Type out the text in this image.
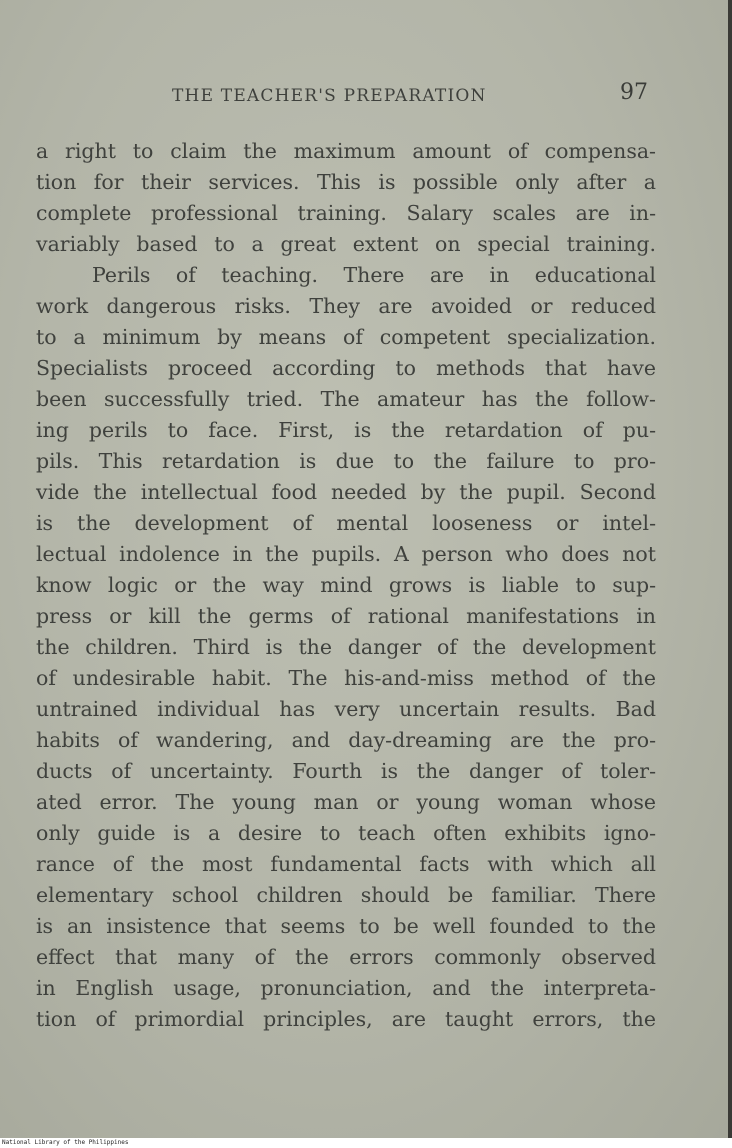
THE TEACHER'S PREPARATION	97
a right to claim the maximum amount of compensa-
tion for their services. This is possible only after a
complete professional training. Salary scales are in-
variably based to a great extent on special training.
Perils of teaching. There are in educational
work dangerous risks. They are avoided or reduced
to a minimum by means of competent specialization.
Specialists proceed according to methods that have
been successfully tried. The amateur has the follow-
ing perils to face. First, is the retardation of pu-
pils. This retardation is due to the failure to pro-
vide the intellectual food needed by the pupil. Second
is the development of mental looseness or intel-
lectual indolence in the pupils. A person who does not
know logic or the way mind grows is liable to sup-
press or kill the germs of rational manifestations in
the children. Third is the danger of the development
of undesirable habit. The his-and-miss method of the
untrained individual has very uncertain results. Bad
habits of wandering, and day-dreaming are the pro-
ducts of uncertainty. Fourth is the danger of toler-
ated error. The young man or young woman whose
only guide is a desire to teach often exhibits igno-
rance of the most fundamental facts with which all
elementary school children should be familiar. There
is an insistence that seems to be well founded to the
effect that many of the errors commonly observed
in English usage, pronunciation, and the interpreta-
tion of primordial principles, are taught errors, the
National Library of the Philippines
